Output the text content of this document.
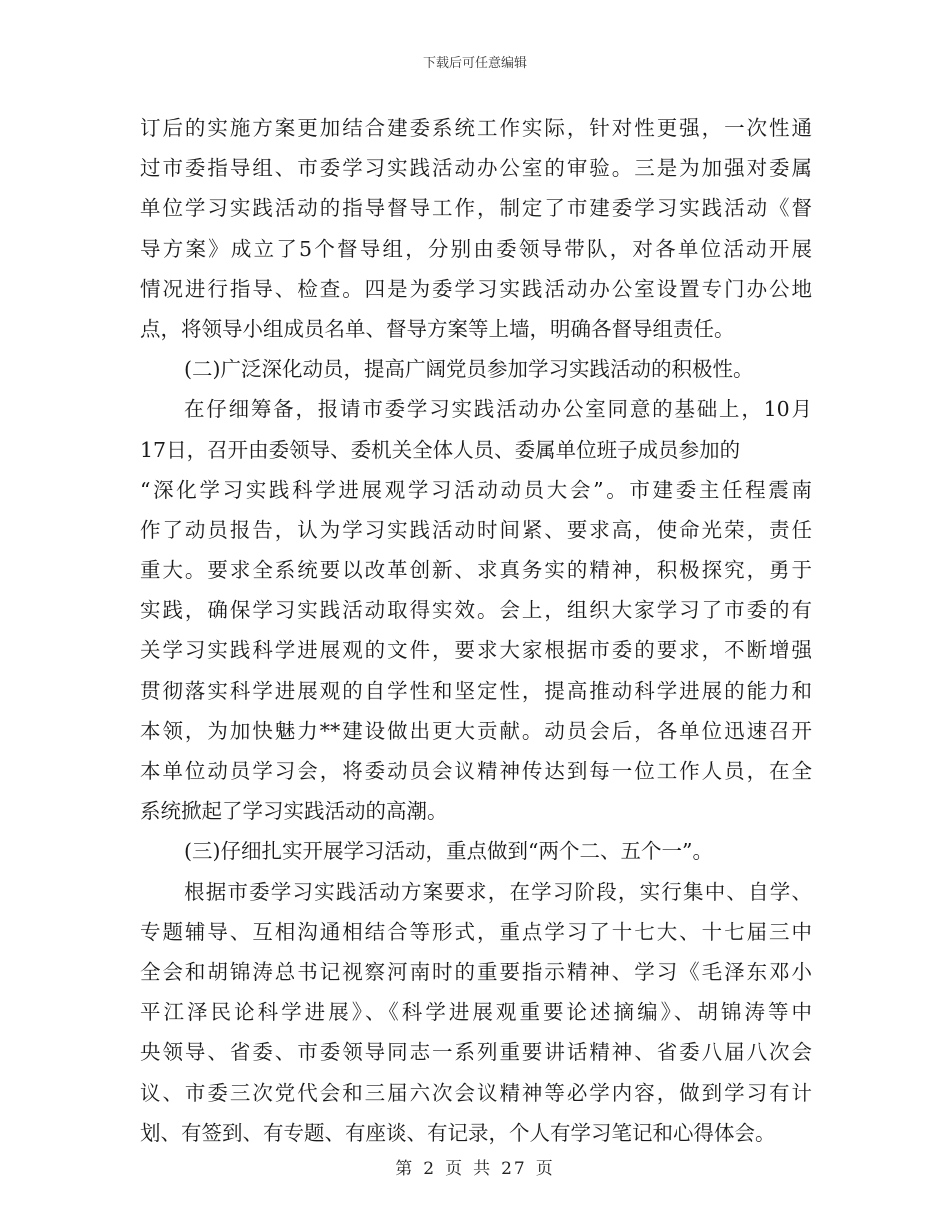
下载后可任意编辑
订后的实施方案更加结合建委系统工作实际，针对性更强，一次性通
过市委指导组、市委学习实践活动办公室的审验。三是为加强对委属
单位学习实践活动的指导督导工作，制定了市建委学习实践活动《督
导方案》成立了5个督导组，分别由委领导带队，对各单位活动开展
情况进行指导、检查。四是为委学习实践活动办公室设置专门办公地
点，将领导小组成员名单、督导方案等上墙，明确各督导组责任。
(二)广泛深化动员，提高广阔党员参加学习实践活动的积极性。
在仔细筹备，报请市委学习实践活动办公室同意的基础上，10月
17日，召开由委领导、委机关全体人员、委属单位班子成员参加的
“深化学习实践科学进展观学习活动动员大会”。市建委主任程震南
作了动员报告，认为学习实践活动时间紧、要求高，使命光荣，责任
重大。要求全系统要以改革创新、求真务实的精神，积极探究，勇于
实践，确保学习实践活动取得实效。会上，组织大家学习了市委的有
关学习实践科学进展观的文件，要求大家根据市委的要求，不断增强
贯彻落实科学进展观的自学性和坚定性，提高推动科学进展的能力和
本领，为加快魅力**建设做出更大贡献。动员会后，各单位迅速召开
本单位动员学习会，将委动员会议精神传达到每一位工作人员，在全
系统掀起了学习实践活动的高潮。
(三)仔细扎实开展学习活动，重点做到“两个二、五个一”。
根据市委学习实践活动方案要求，在学习阶段，实行集中、自学、
专题辅导、互相沟通相结合等形式，重点学习了十七大、十七届三中
全会和胡锦涛总书记视察河南时的重要指示精神、学习《毛泽东邓小
平江泽民论科学进展》、《科学进展观重要论述摘编》、胡锦涛等中
央领导、省委、市委领导同志一系列重要讲话精神、省委八届八次会
议、市委三次党代会和三届六次会议精神等必学内容，做到学习有计
划、有签到、有专题、有座谈、有记录，个人有学习笔记和心得体会。
第 2 页 共 27 页
